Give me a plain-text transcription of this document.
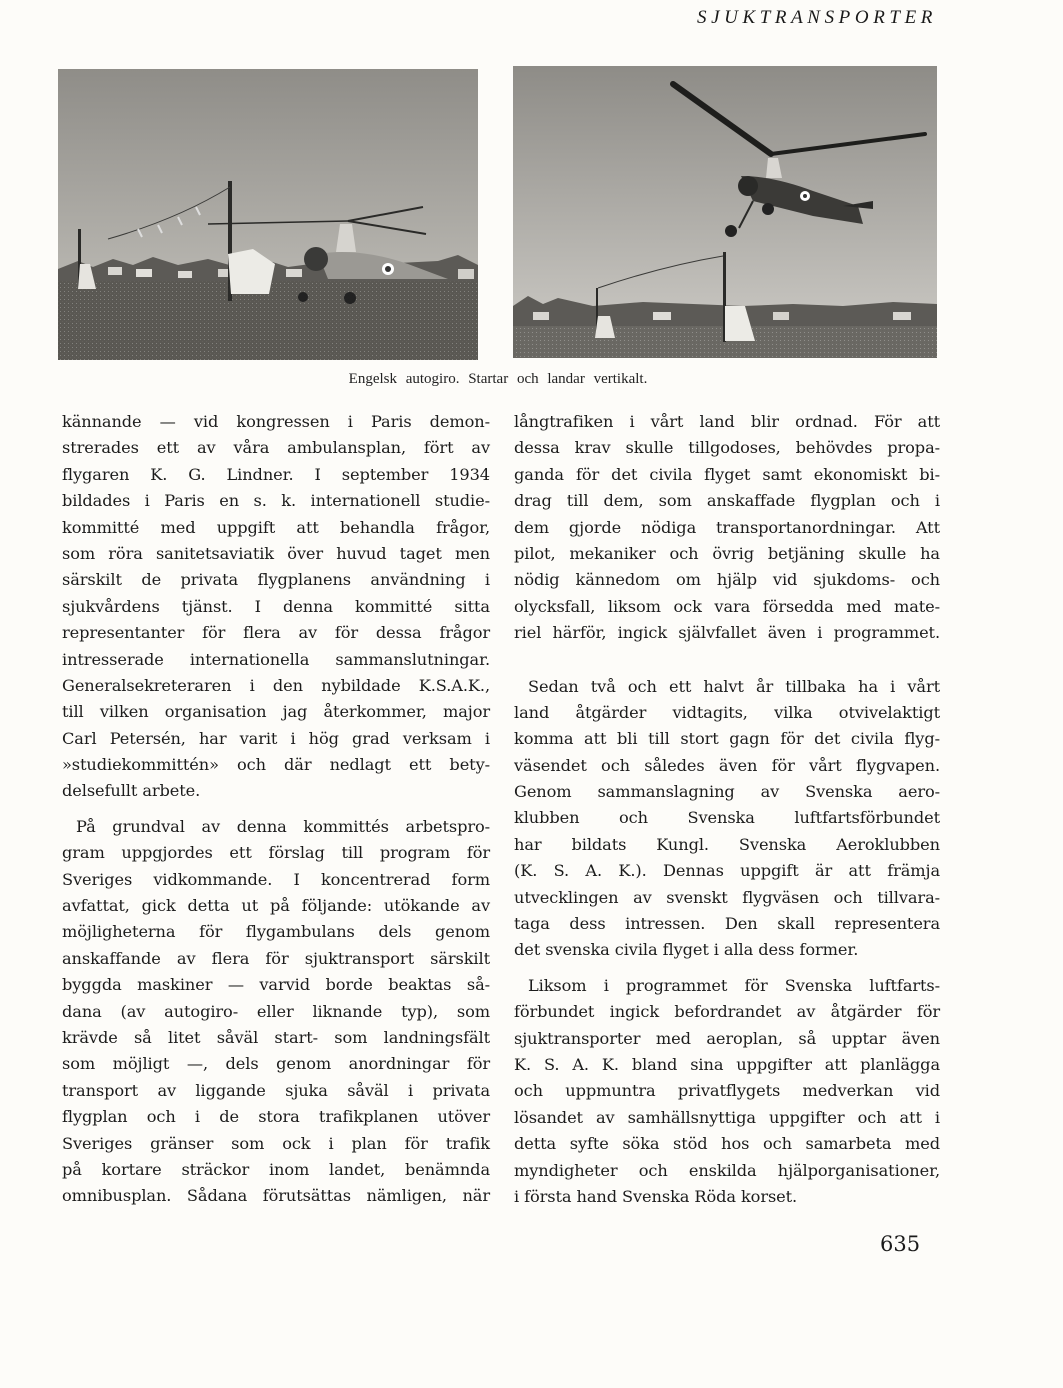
SJUKTRANSPORTER
Engelsk autogiro. Startar och landar vertikalt.
kännande — vid kongressen i Paris demon-
strerades ett av våra ambulansplan, fört av
flygaren K. G. Lindner. I september 1934
bildades i Paris en s. k. internationell studie-
kommitté med uppgift att behandla frågor,
som röra sanitetsaviatik över huvud taget men
särskilt de privata flygplanens användning i
sjukvårdens tjänst. I denna kommitté sitta
representanter för flera av för dessa frågor
intresserade internationella sammanslutningar.
Generalsekreteraren i den nybildade K.S.A.K.,
till vilken organisation jag återkommer, major
Carl Petersén, har varit i hög grad verksam i
»studiekommittén» och där nedlagt ett bety-
delsefullt arbete.
På grundval av denna kommittés arbetspro-
gram uppgjordes ett förslag till program för
Sveriges vidkommande. I koncentrerad form
avfattat, gick detta ut på följande: utökande av
möjligheterna för flygambulans dels genom
anskaffande av flera för sjuktransport särskilt
byggda maskiner — varvid borde beaktas så-
dana (av autogiro- eller liknande typ), som
krävde så litet såväl start- som landningsfält
som möjligt —, dels genom anordningar för
transport av liggande sjuka såväl i privata
flygplan och i de stora trafikplanen utöver
Sveriges gränser som ock i plan för trafik
på kortare sträckor inom landet, benämnda
omnibusplan. Sådana förutsättas nämligen, när
långtrafiken i vårt land blir ordnad. För att
dessa krav skulle tillgodoses, behövdes propa-
ganda för det civila flyget samt ekonomiskt bi-
drag till dem, som anskaffade flygplan och i
dem gjorde nödiga transportanordningar. Att
pilot, mekaniker och övrig betjäning skulle ha
nödig kännedom om hjälp vid sjukdoms- och
olycksfall, liksom ock vara försedda med mate-
riel härför, ingick självfallet även i programmet.
Sedan två och ett halvt år tillbaka ha i vårt
land åtgärder vidtagits, vilka otvivelaktigt
komma att bli till stort gagn för det civila flyg-
väsendet och således även för vårt flygvapen.
Genom sammanslagning av Svenska aero-
klubben och Svenska luftfartsförbundet
har bildats Kungl. Svenska Aeroklubben
(K. S. A. K.). Dennas uppgift är att främja
utvecklingen av svenskt flygväsen och tillvara-
taga dess intressen. Den skall representera
det svenska civila flyget i alla dess former.
Liksom i programmet för Svenska luftfarts-
förbundet ingick befordrandet av åtgärder för
sjuktransporter med aeroplan, så upptar även
K. S. A. K. bland sina uppgifter att planlägga
och uppmuntra privatflygets medverkan vid
lösandet av samhällsnyttiga uppgifter och att i
detta syfte söka stöd hos och samarbeta med
myndigheter och enskilda hjälporganisationer,
i första hand Svenska Röda korset.
635
